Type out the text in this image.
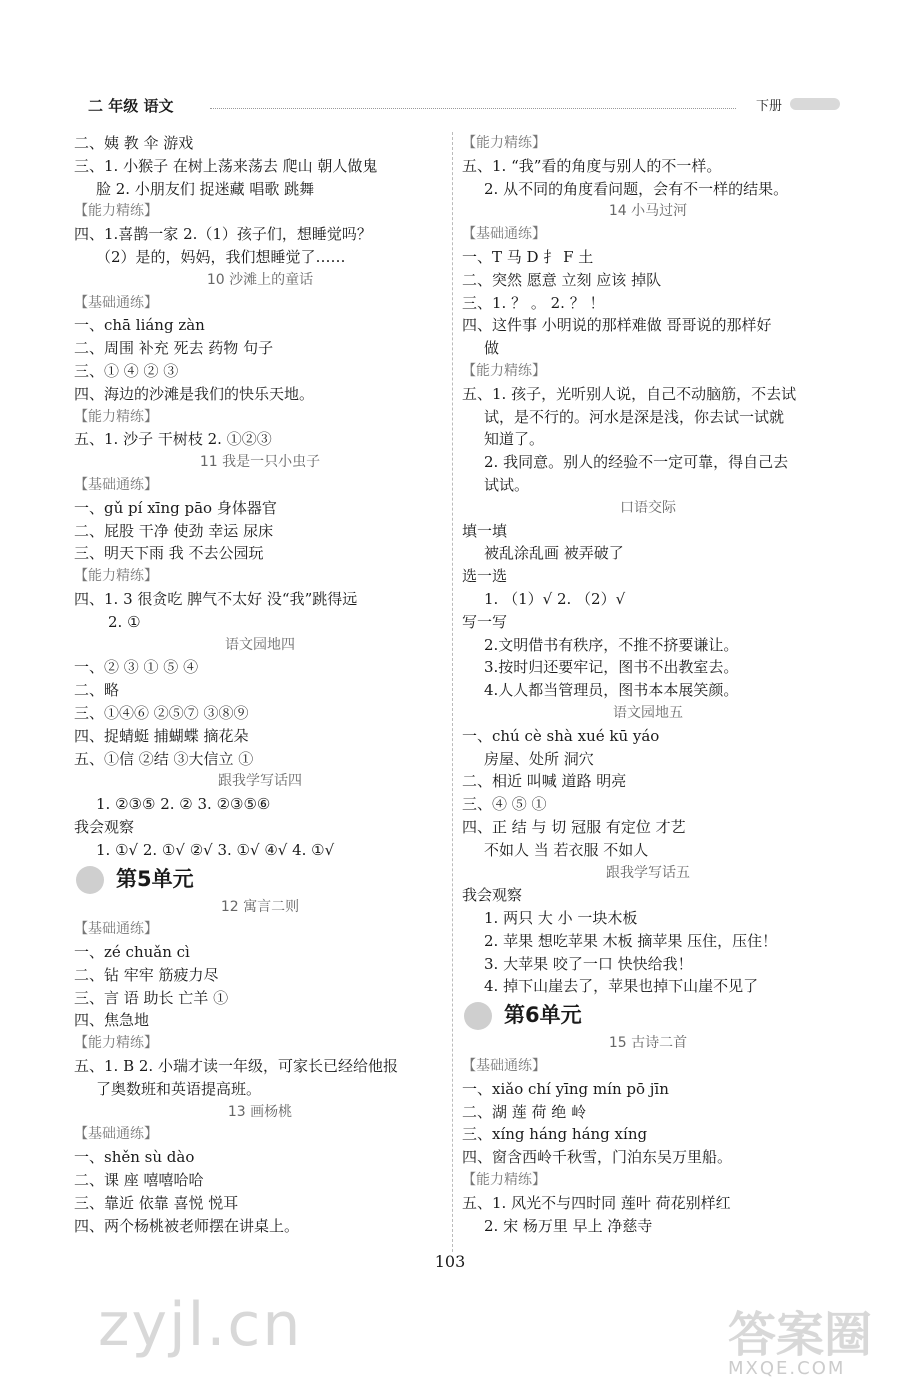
二 年级 语文	下册
二、姨 教 伞 游戏
三、1. 小猴子 在树上荡来荡去 爬山 朝人做鬼
脸 2. 小朋友们 捉迷藏 唱歌 跳舞
【能力精练】
四、1.喜鹊一家 2.（1）孩子们，想睡觉吗？
（2）是的，妈妈，我们想睡觉了……
10 沙滩上的童话
【基础通练】
一、chā liáng zàn
二、周围 补充 死去 药物 句子
三、① ④ ② ③
四、海边的沙滩是我们的快乐天地。
【能力精练】
五、1. 沙子 干树枝 2. ①②③
11 我是一只小虫子
【基础通练】
一、gǔ pí xīng pāo 身体器官
二、屁股 干净 使劲 幸运 尿床
三、明天下雨 我 不去公园玩
【能力精练】
四、1. 3 很贪吃 脾气不太好 没“我”跳得远
2. ①
语文园地四
一、② ③ ① ⑤ ④
二、略
三、①④⑥ ②⑤⑦ ③⑧⑨
四、捉蜻蜓 捕蝴蝶 摘花朵
五、①信 ②结 ③大信立 ①
跟我学写话四
1. ②③⑤ 2. ② 3. ②③⑤⑥
我会观察
1. ①√ 2. ①√ ②√ 3. ①√ ④√ 4. ①√
第5单元
12 寓言二则
【基础通练】
一、zé chuǎn cì
二、钻 牢牢 筋疲力尽
三、言 语 助长 亡羊 ①
四、焦急地
【能力精练】
五、1. B 2. 小瑞才读一年级，可家长已经给他报
了奥数班和英语提高班。
13 画杨桃
【基础通练】
一、shěn sù dào
二、课 座 嘻嘻哈哈
三、靠近 依靠 喜悦 悦耳
四、两个杨桃被老师摆在讲桌上。
【能力精练】
五、1. “我”看的角度与别人的不一样。
2. 从不同的角度看问题，会有不一样的结果。
14 小马过河
【基础通练】
一、T 马 D 扌 F 土
二、突然 愿意 立刻 应该 掉队
三、1. ？ 。 2. ？ ！
四、这件事 小明说的那样难做 哥哥说的那样好
做
【能力精练】
五、1. 孩子，光听别人说，自己不动脑筋，不去试
试，是不行的。河水是深是浅，你去试一试就
知道了。
2. 我同意。别人的经验不一定可靠，得自己去
试试。
口语交际
填一填
被乱涂乱画 被弄破了
选一选
1. （1）√ 2. （2）√
写一写
2.文明借书有秩序，不推不挤要谦让。
3.按时归还要牢记，图书不出教室去。
4.人人都当管理员，图书本本展笑颜。
语文园地五
一、chú cè shà xué kū yáo
房屋、处所 洞穴
二、相近 叫喊 道路 明亮
三、④ ⑤ ①
四、正 结 与 切 冠服 有定位 才艺
不如人 当 若衣服 不如人
跟我学写话五
我会观察
1. 两只 大 小 一块木板
2. 苹果 想吃苹果 木板 摘苹果 压住，压住！
3. 大苹果 咬了一口 快快给我！
4. 掉下山崖去了，苹果也掉下山崖不见了
第6单元
15 古诗二首
【基础通练】
一、xiǎo chí yīng mín pō jīn
二、湖 莲 荷 绝 岭
三、xíng háng háng xíng
四、窗含西岭千秋雪，门泊东吴万里船。
【能力精练】
五、1. 风光不与四时同 莲叶 荷花别样红
2. 宋 杨万里 早上 净慈寺
103
zyjl.cn	答案圈
MXQE.COM
